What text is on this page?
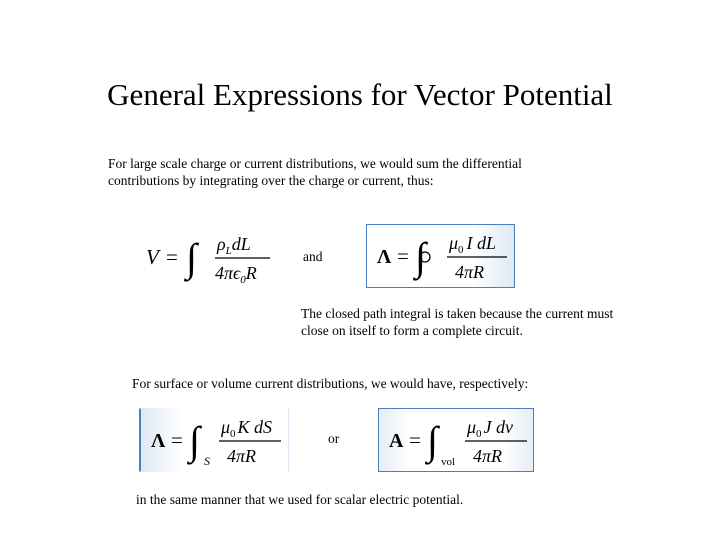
General Expressions for Vector Potential
For large scale charge or current distributions, we would sum the differential contributions by integrating over the charge or current, thus:
V = ∫ $\rho_LdL$
$4\pi\epsilon_0R$
and	Λ = ∫ $\mu_0$ I dL
4πR
The closed path integral is taken because the current must close on itself to form a complete circuit.
For surface or volume current distributions, we would have, respectively:
Λ = ∫ S
$\mu_0$ K dS
4πR
or A = ∫ vol
$\mu_0$ J dv
4πR
in the same manner that we used for scalar electric potential.
